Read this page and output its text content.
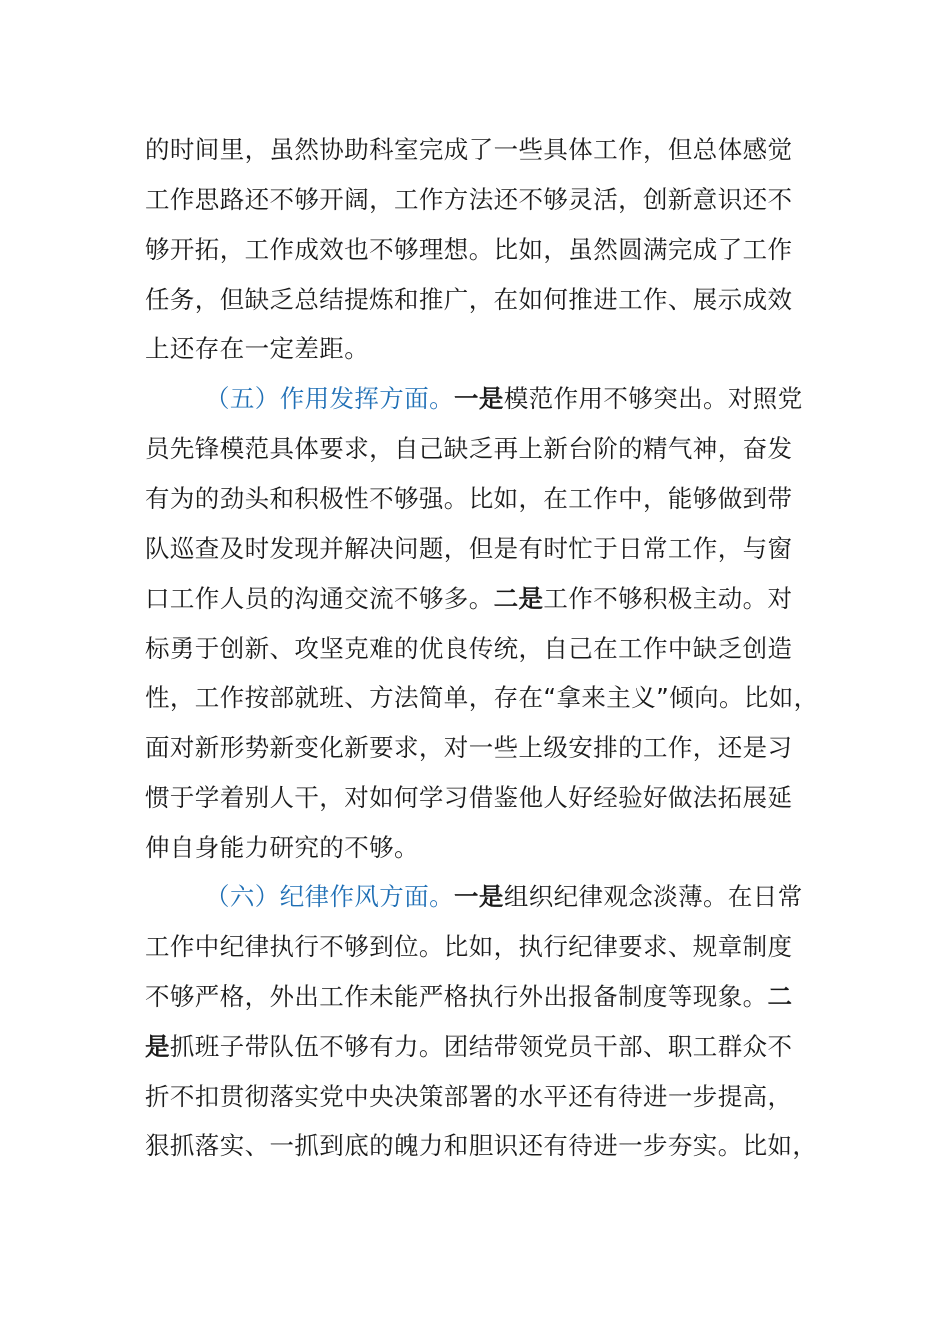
的时间里，虽然协助科室完成了一些具体工作，但总体感觉
工作思路还不够开阔，工作方法还不够灵活，创新意识还不
够开拓，工作成效也不够理想。比如，虽然圆满完成了工作
任务，但缺乏总结提炼和推广，在如何推进工作、展示成效
上还存在一定差距。
（五）作用发挥方面。一是模范作用不够突出。对照党
员先锋模范具体要求，自己缺乏再上新台阶的精气神，奋发
有为的劲头和积极性不够强。比如，在工作中，能够做到带
队巡查及时发现并解决问题，但是有时忙于日常工作，与窗
口工作人员的沟通交流不够多。二是工作不够积极主动。对
标勇于创新、攻坚克难的优良传统，自己在工作中缺乏创造
性，工作按部就班、方法简单，存在“拿来主义”倾向。比如，
面对新形势新变化新要求，对一些上级安排的工作，还是习
惯于学着别人干，对如何学习借鉴他人好经验好做法拓展延
伸自身能力研究的不够。
（六）纪律作风方面。一是组织纪律观念淡薄。在日常
工作中纪律执行不够到位。比如，执行纪律要求、规章制度
不够严格，外出工作未能严格执行外出报备制度等现象。二
是抓班子带队伍不够有力。团结带领党员干部、职工群众不
折不扣贯彻落实党中央决策部署的水平还有待进一步提高，
狠抓落实、一抓到底的魄力和胆识还有待进一步夯实。比如，
